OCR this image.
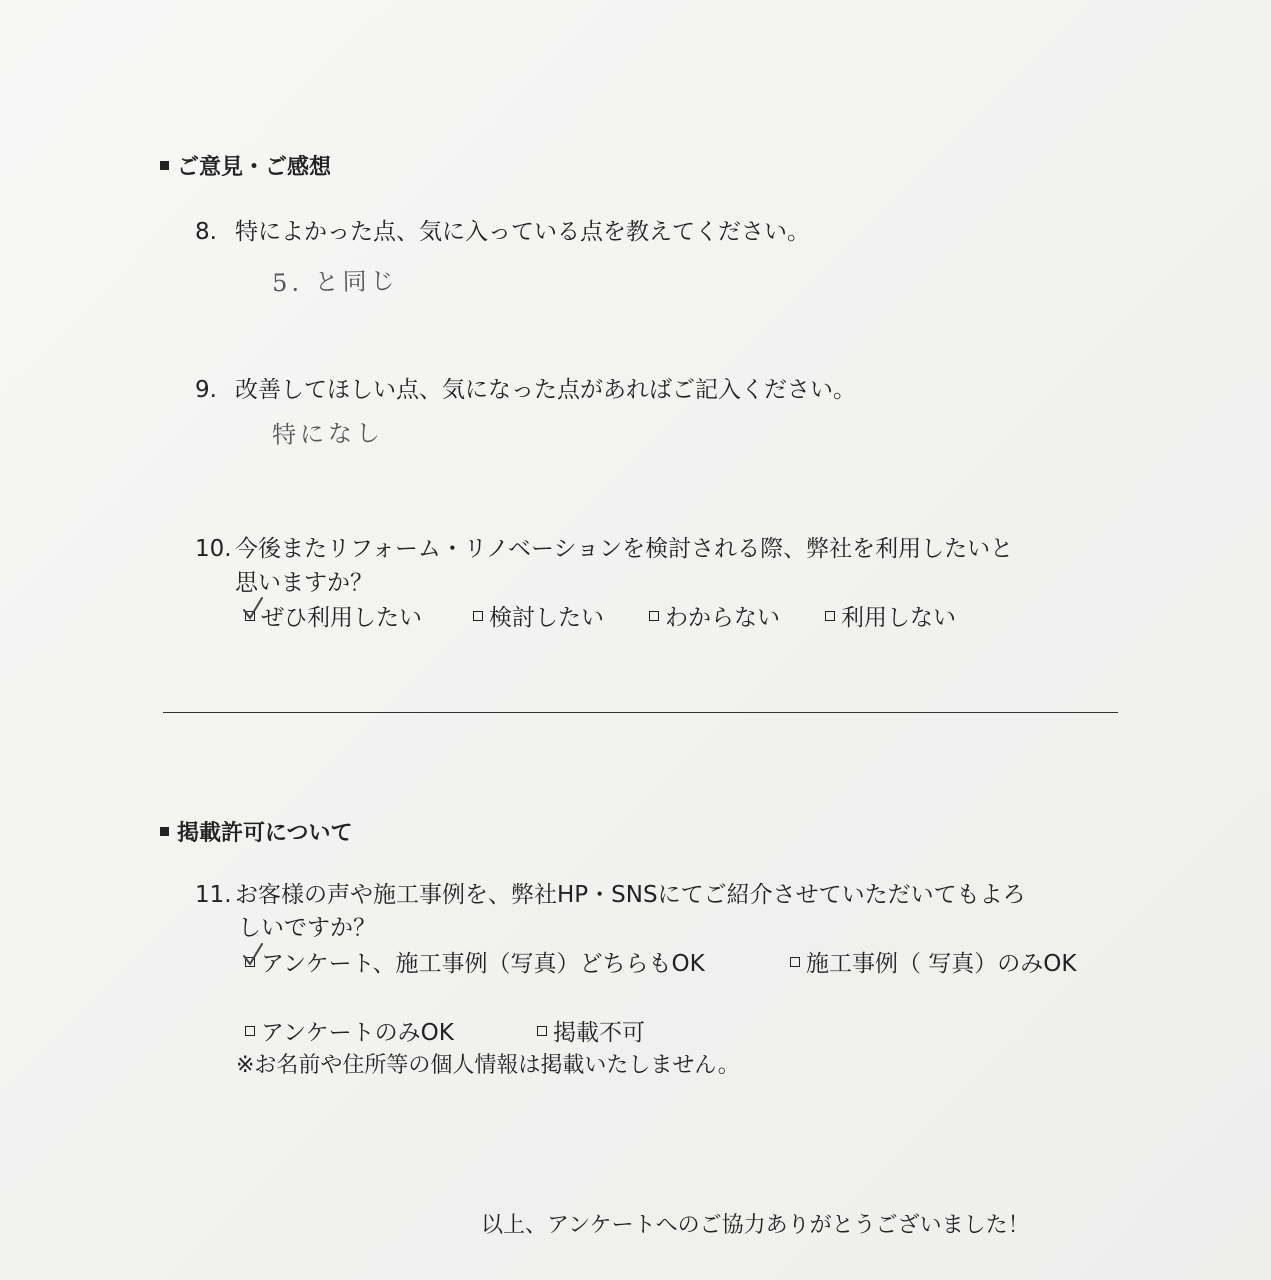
ご意見・ご感想
8. 特によかった点、気に入っている点を教えてください。
5. と同じ
9. 改善してほしい点、気になった点があればご記入ください。
特になし
10. 今後またリフォーム・リノベーションを検討される際、弊社を利用したいと
思いますか？
ぜひ利用したい	検討したい	わからない	利用しない
掲載許可について
11. お客様の声や施工事例を、弊社HP・SNSにてご紹介させていただいてもよろ
しいですか？
アンケート、施工事例（写真）どちらもOK	施工事例（ 写真）のみOK
アンケートのみOK	掲載不可
※お名前や住所等の個人情報は掲載いたしません。
以上、アンケートへのご協力ありがとうございました！
